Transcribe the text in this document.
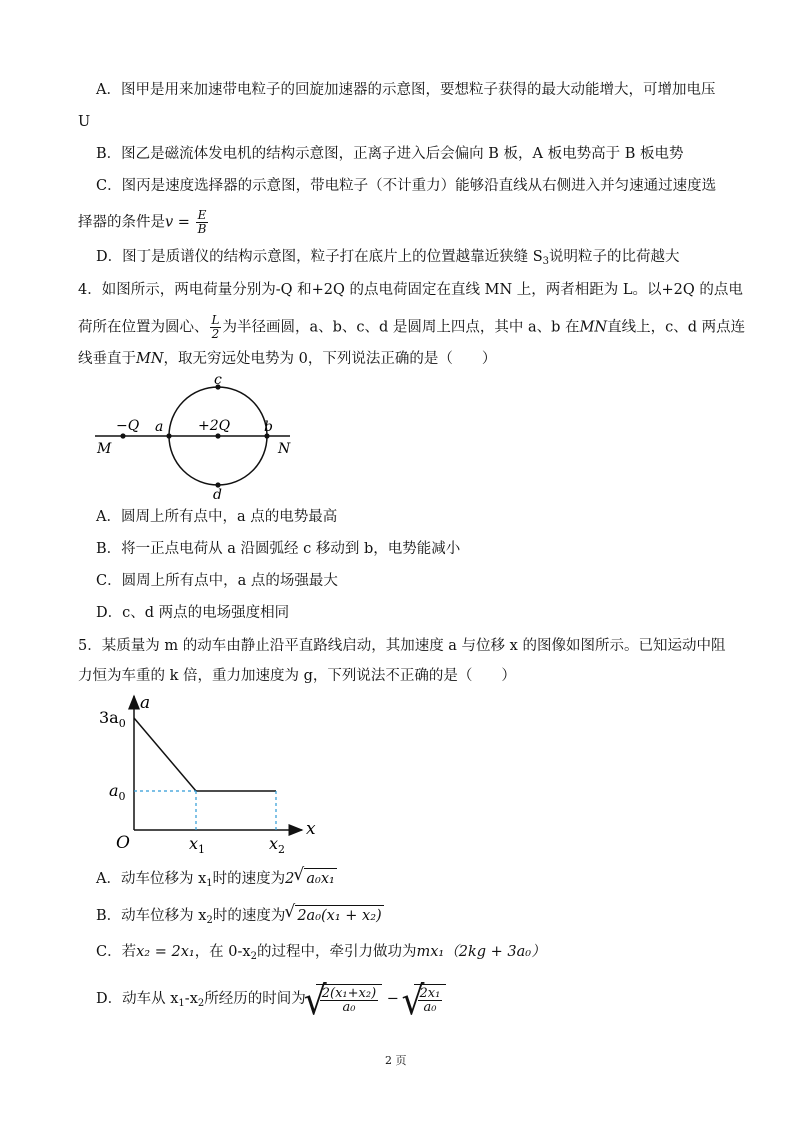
A．图甲是用来加速带电粒子的回旋加速器的示意图，要想粒子获得的最大动能增大，可增加电压
U
B．图乙是磁流体发电机的结构示意图，正离子进入后会偏向 B 板，A 板电势高于 B 板电势
C．图丙是速度选择器的示意图，带电粒子（不计重力）能够沿直线从右侧进入并匀速通过速度选
择器的条件是$v = \frac{E}{B}$
D．图丁是质谱仪的结构示意图，粒子打在底片上的位置越靠近狭缝 $S_3$说明粒子的比荷越大
4．如图所示，两电荷量分别为-Q 和+2Q 的点电荷固定在直线 MN 上，两者相距为 L。以+2Q 的点电
荷所在位置为圆心、 $\frac{L}{2}$ 为半径画圆，a、b、c、d 是圆周上四点，其中 a、b 在MN直线上，c、d 两点连
线垂直于MN，取无穷远处电势为 0，下列说法正确的是（　　）
−Q a +2Q b
c
d
M	N
A．圆周上所有点中，a 点的电势最高
B．将一正点电荷从 a 沿圆弧经 c 移动到 b，电势能减小
C．圆周上所有点中，a 点的场强最大
D．c、d 两点的电场强度相同
5．某质量为 m 的动车由静止沿平直路线启动，其加速度 a 与位移 x 的图像如图所示。已知运动中阻
力恒为车重的 k 倍，重力加速度为 g，下列说法不正确的是（　　）
a
x
O
$3a_0$
$a_0$
$x_1$	$x_2$
A．动车位移为 $x_1$时的速度为2 √ a₀x₁
B．动车位移为 $x_2$时的速度为 √ 2a₀(x₁ + x₂)
C．若x₂ = 2x₁，在 $0-x_2$的过程中，牵引力做功为mx₁（2kg + 3a₀）
D．动车从 $x_1-x_2$所经历的时间为
√
$\frac{\text{2(x₁+x₂)}}{\text{a₀}}$ −
√
$\frac{\text{2x₁}}{\text{a₀}}$
2 页
